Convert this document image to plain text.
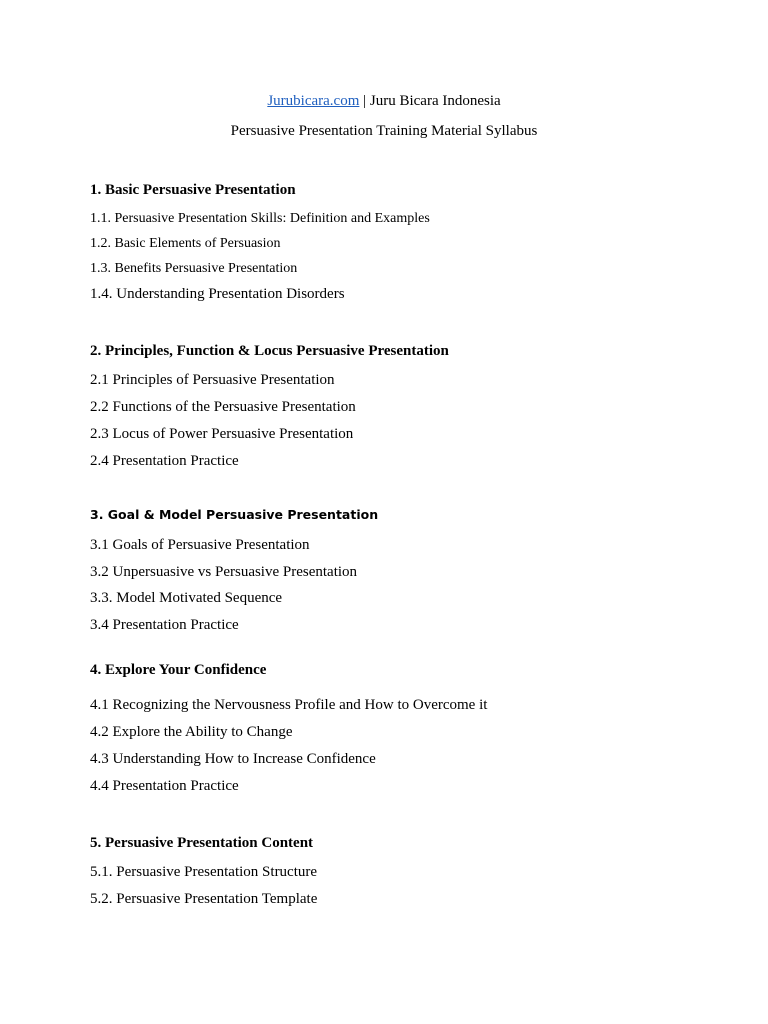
Jurubicara.com | Juru Bicara Indonesia
Persuasive Presentation Training Material Syllabus
1. Basic Persuasive Presentation
1.1. Persuasive Presentation Skills: Definition and Examples
1.2. Basic Elements of Persuasion
1.3. Benefits Persuasive Presentation
1.4. Understanding Presentation Disorders
2. Principles, Function & Locus Persuasive Presentation
2.1 Principles of Persuasive Presentation
2.2 Functions of the Persuasive Presentation
2.3 Locus of Power Persuasive Presentation
2.4 Presentation Practice
3. Goal & Model Persuasive Presentation
3.1 Goals of Persuasive Presentation
3.2 Unpersuasive vs Persuasive Presentation
3.3. Model Motivated Sequence
3.4 Presentation Practice
4. Explore Your Confidence
4.1 Recognizing the Nervousness Profile and How to Overcome it
4.2 Explore the Ability to Change
4.3 Understanding How to Increase Confidence
4.4 Presentation Practice
5. Persuasive Presentation Content
5.1. Persuasive Presentation Structure
5.2. Persuasive Presentation Template
